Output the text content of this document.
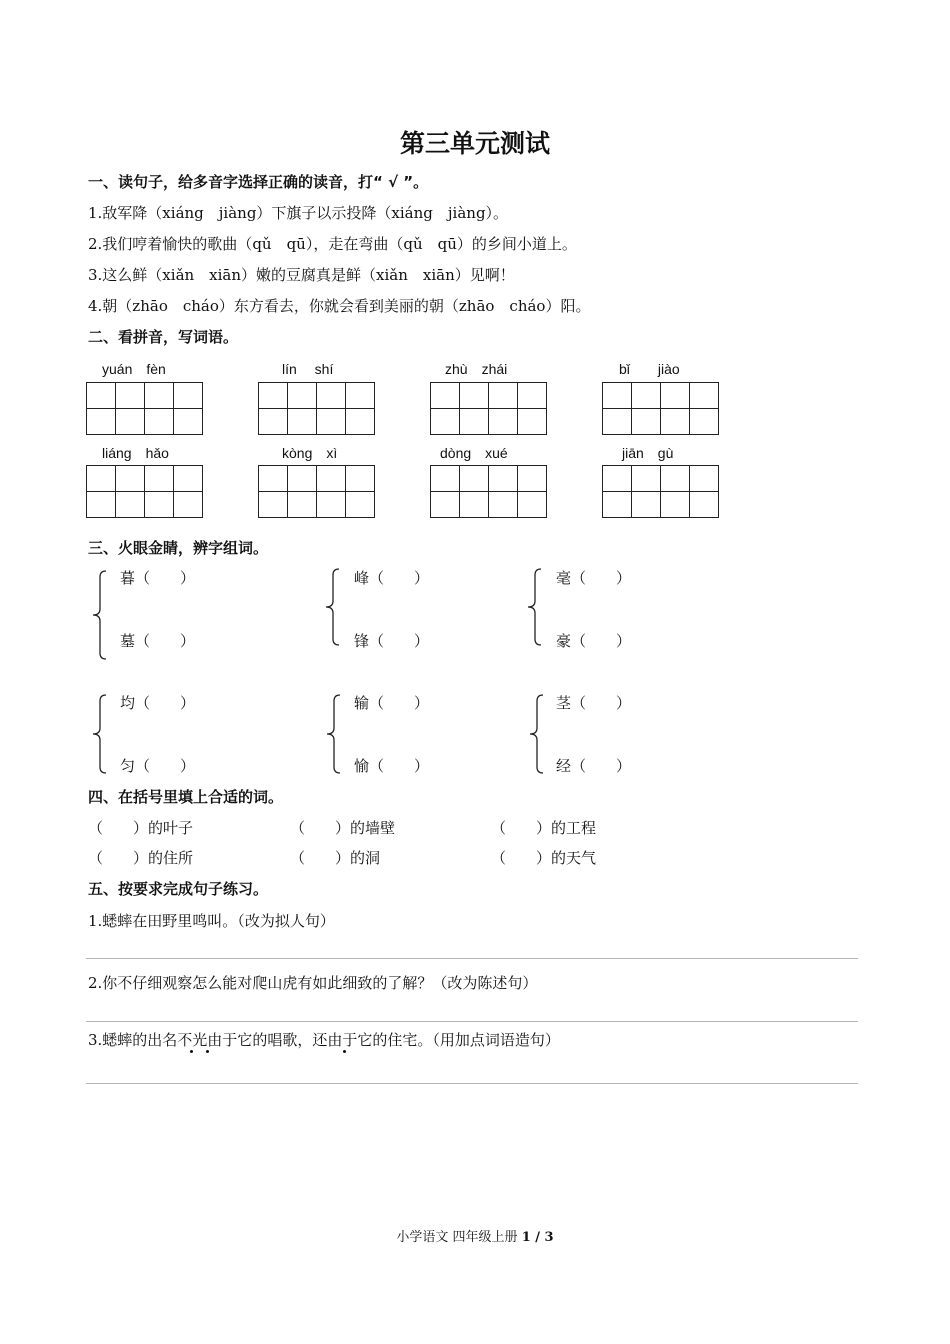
第三单元测试
一、读句子，给多音字选择正确的读音，打“ √ ”。
1.敌军降（xiáng　jiàng）下旗子以示投降（xiáng　jiàng）。
2.我们哼着愉快的歌曲（qǔ　qū），走在弯曲（qǔ　qū）的乡间小道上。
3.这么鲜（xiǎn　xiān）嫩的豆腐真是鲜（xiǎn　xiān）见啊！
4.朝（zhāo　cháo）东方看去，你就会看到美丽的朝（zhāo　cháo）阳。
二、看拼音，写词语。
yuán　fèn	lín　 shí	zhù　zhái	bǐ　　jiào
liáng　hǎo	kòng　xì	dòng　xué	jiān　gù
三、火眼金睛，辨字组词。
暮（　　）
墓（　　）
峰（　　）
锋（　　）
毫（　　）
豪（　　）
均（　　）
匀（　　）
输（　　）
愉（　　）
茎（　　）
经（　　）
四、在括号里填上合适的词。
（　　）的叶子	（　　）的墙壁	（　　）的工程
（　　）的住所	（　　）的洞	（　　）的天气
五、按要求完成句子练习。
1.蟋蟀在田野里鸣叫。（改为拟人句）
2.你不仔细观察怎么能对爬山虎有如此细致的了解？（改为陈述句）
3.蟋蟀的出名不光由于它的唱歌，还由于它的住宅。（用加点词语造句）
小学语文 四年级上册 1 / 3
